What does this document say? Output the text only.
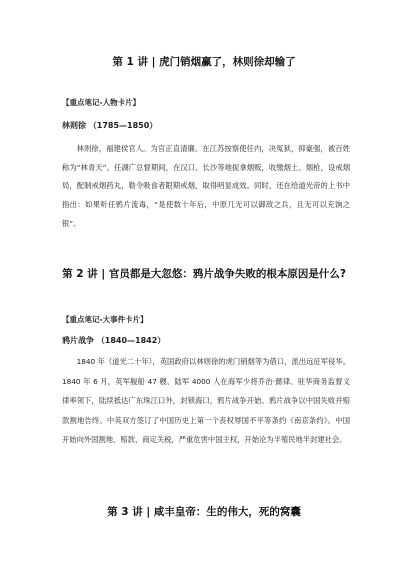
第 1 讲 | 虎门销烟赢了，林则徐却输了
【重点笔记-人物卡片】
林则徐 （1785—1850）

林则徐，福建侯官人。为官正直清廉。在江苏按察使任内，决冤狱，抑豪强，被百姓称为“林青天”。任湖广总督期间，在汉口、长沙等地捉拿烟贩，收缴烟土、烟枪，设戒烟局，配制戒烟药丸，勒令吸食者限期戒烟，取得明显成效。同时，还在给道光帝的上书中指出：如果听任鸦片流毒，“是使数十年后，中原几无可以御敌之兵，且无可以充饷之银”。

第 2 讲 | 官员都是大忽悠：鸦片战争失败的根本原因是什么?
【重点笔记-大事件卡片】
鸦片战争 （1840—1842）

1840 年（道光二十年），英国政府以林则徐的虎门销烟等为借口，派出远征军侵华。1840 年 6 月，英军舰船 47 艘、陆军 4000 人在海军少将乔治·懿律、驻华商务监督义律率领下，陆续抵达广东珠江口外，封锁海口，鸦片战争开始。鸦片战争以中国失败并赔款割地告终。中英双方签订了中国历史上第一个丧权辱国不平等条约《南京条约》。中国开始向外国割地、赔款、商定关税，严重危害中国主权，开始沦为半殖民地半封建社会。

第 3 讲 | 咸丰皇帝：生的伟大，死的窝囊
